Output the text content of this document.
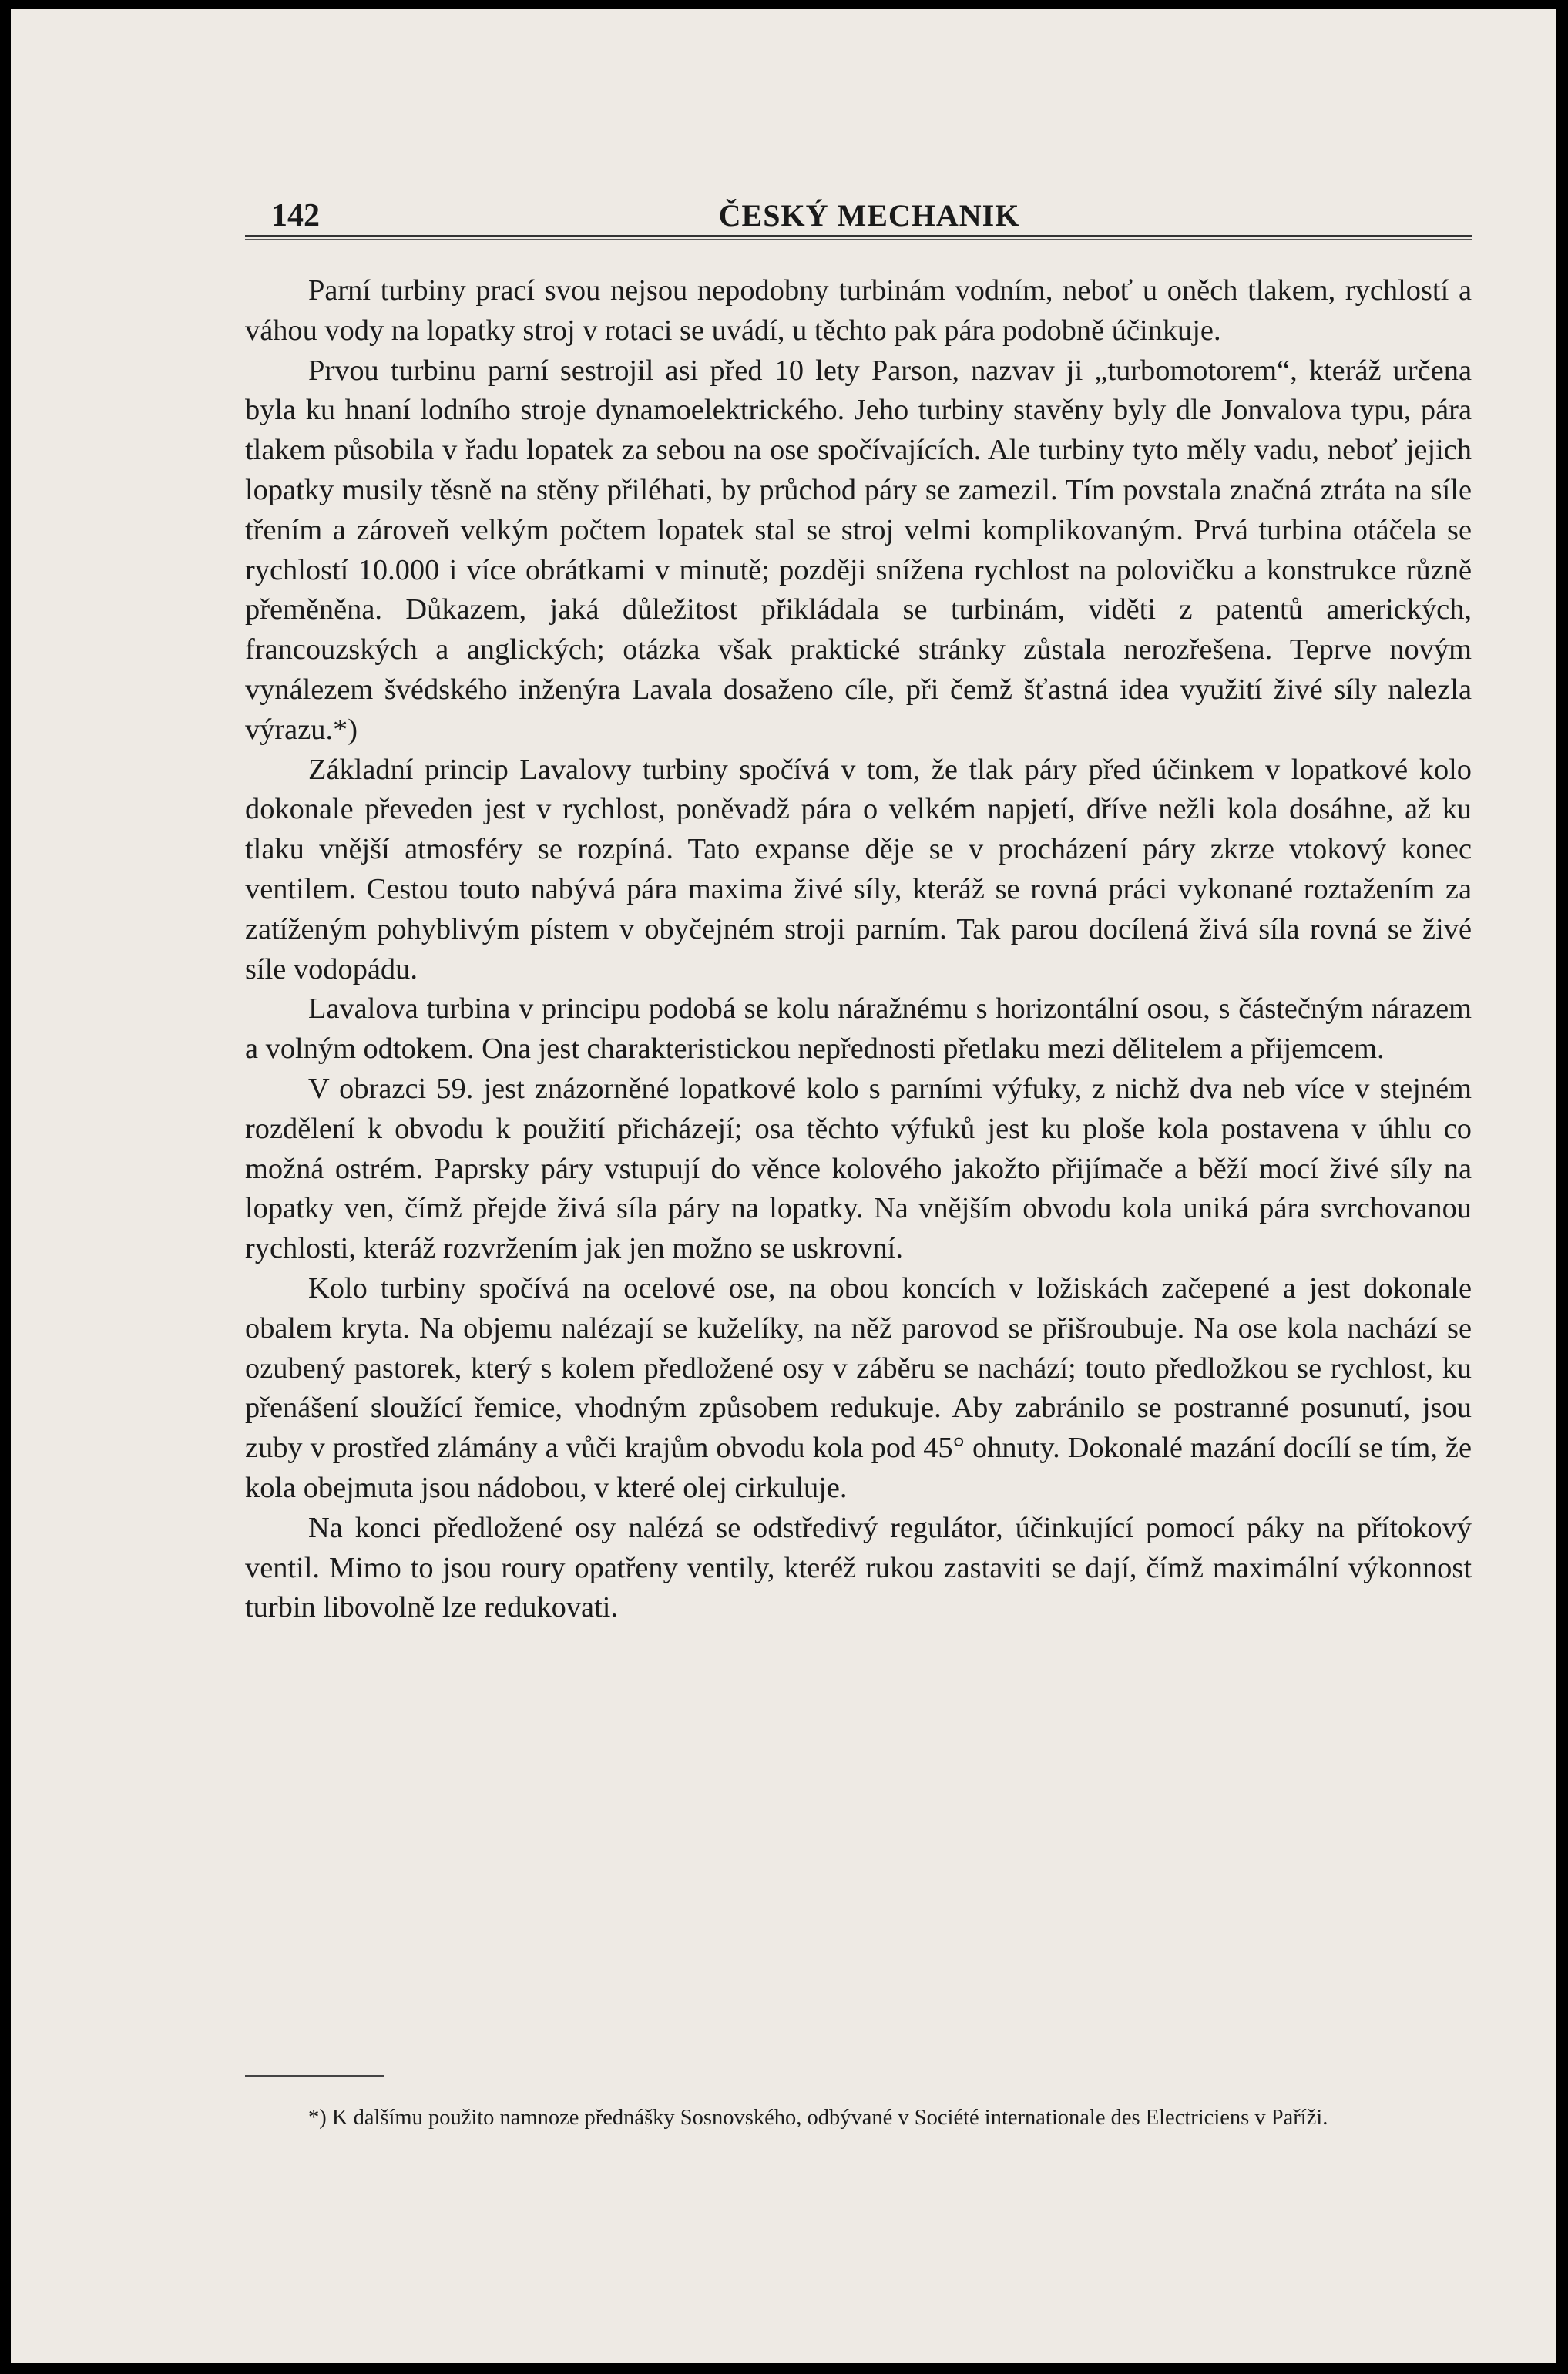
142	ČESKÝ MECHANIK

Parní turbiny prací svou nejsou nepodobny turbinám vodním, neboť u oněch tlakem, rychlostí a váhou vody na lopatky stroj v rotaci se uvádí, u těchto pak pára podobně účinkuje.

Prvou turbinu parní sestrojil asi před 10 lety Parson, nazvav ji „turbomotorem“, kteráž určena byla ku hnaní lodního stroje dynamoelektrického. Jeho turbiny stavěny byly dle Jonvalova typu, pára tlakem působila v řadu lopatek za sebou na ose spočívajících. Ale turbiny tyto měly vadu, neboť jejich lopatky musily těsně na stěny přiléhati, by průchod páry se zamezil. Tím povstala značná ztráta na síle třením a zároveň velkým počtem lopatek stal se stroj velmi komplikovaným. Prvá turbina otáčela se rychlostí 10.000 i více obrátkami v minutě; později snížena rychlost na polovičku a konstrukce různě přeměněna. Důkazem, jaká důležitost přikládala se turbinám, viděti z patentů amerických, francouzských a anglických; otázka však praktické stránky zůstala nerozřešena. Teprve novým vynálezem švédského inženýra Lavala dosaženo cíle, při čemž šťastná idea využití živé síly nalezla výrazu.*)

Základní princip Lavalovy turbiny spočívá v tom, že tlak páry před účinkem v lopatkové kolo dokonale převeden jest v rychlost, poněvadž pára o velkém napjetí, dříve nežli kola dosáhne, až ku tlaku vnější atmosféry se rozpíná. Tato expanse děje se v procházení páry zkrze vtokový konec ventilem. Cestou touto nabývá pára maxima živé síly, kteráž se rovná práci vykonané roztažením za zatíženým pohyblivým pístem v obyčejném stroji parním. Tak parou docílená živá síla rovná se živé síle vodopádu.

Lavalova turbina v principu podobá se kolu náražnému s horizontální osou, s částečným nárazem a volným odtokem. Ona jest charakteristickou nepřednosti přetlaku mezi dělitelem a přijemcem.

V obrazci 59. jest znázorněné lopatkové kolo s parními výfuky, z nichž dva neb více v stejném rozdělení k obvodu k použití přicházejí; osa těchto výfuků jest ku ploše kola postavena v úhlu co možná ostrém. Paprsky páry vstupují do věnce kolového jakožto přijímače a běží mocí živé síly na lopatky ven, čímž přejde živá síla páry na lopatky. Na vnějším obvodu kola uniká pára svrchovanou rychlosti, kteráž rozvržením jak jen možno se uskrovní.

Kolo turbiny spočívá na ocelové ose, na obou koncích v ložiskách začepené a jest dokonale obalem kryta. Na objemu nalézají se kuželíky, na něž parovod se přišroubuje. Na ose kola nachází se ozubený pastorek, který s kolem předložené osy v záběru se nachází; touto předložkou se rychlost, ku přenášení sloužící řemice, vhodným způsobem redukuje. Aby zabránilo se postranné posunutí, jsou zuby v prostřed zlámány a vůči krajům obvodu kola pod 45° ohnuty. Dokonalé mazání docílí se tím, že kola obejmuta jsou nádobou, v které olej cirkuluje.

Na konci předložené osy nalézá se odstředivý regulátor, účinkující pomocí páky na přítokový ventil. Mimo to jsou roury opatřeny ventily, kteréž rukou zastaviti se dají, čímž maximální výkonnost turbin libovolně lze redukovati.

*) K dalšímu použito namnoze přednášky Sosnovského, odbývané v Société internationale des Electriciens v Paříži.
